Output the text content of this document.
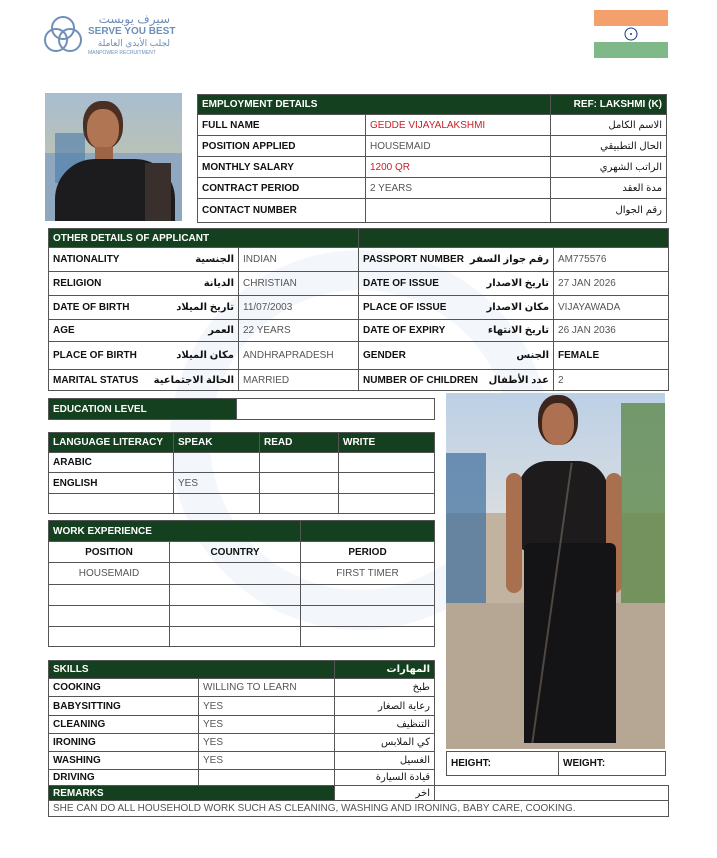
سيرف يوبست
SERVE YOU BEST
لجلب الأيدي العاملة
MANPOWER RECRUITMENT
EMPLOYMENT DETAILS		REF: LAKSHMI (K)
FULL NAME	GEDDE VIJAYALAKSHMI	الاسم الكامل
POSITION APPLIED	HOUSEMAID	الحال التطبيقي
MONTHLY SALARY	1200 QR	الراتب الشهري
CONTRACT PERIOD	2 YEARS	مدة العقد
CONTACT NUMBER		رقم الجوال
OTHER DETAILS OF APPLICANT			
NATIONALITY الجنسية	INDIAN	PASSPORT NUMBER رقم جواز السفر	AM775576
RELIGION الديانة	CHRISTIAN	DATE OF ISSUE تاريخ الاصدار	27 JAN 2026
DATE OF BIRTH تاريخ الميلاد	11/07/2003	PLACE OF ISSUE مكان الاصدار	VIJAYAWADA
AGE العمر	22 YEARS	DATE OF EXPIRY تاريخ الانتهاء	26 JAN 2036
PLACE OF BIRTH مكان الميلاد	ANDHRAPRADESH	GENDER الجنس	FEMALE
MARITAL STATUS الحالة الاجتماعية	MARRIED	NUMBER OF CHILDREN عدد الأطفال	2
EDUCATION LEVEL	
LANGUAGE LITERACY	SPEAK	READ	WRITE
ARABIC			
ENGLISH	YES		

WORK EXPERIENCE		
POSITION	COUNTRY	PERIOD
HOUSEMAID		FIRST TIMER

SKILLS		المهارات
COOKING	WILLING TO LEARN	طبخ
BABYSITTING	YES	رعاية الصغار
CLEANING	YES	التنظيف
IRONING	YES	كي الملابس
WASHING	YES	الغسيل
DRIVING		قيادة السيارة
REMARKS	اخر	
SHE CAN DO ALL HOUSEHOLD WORK SUCH AS CLEANING, WASHING AND IRONING, BABY CARE, COOKING.
HEIGHT:	WEIGHT:
